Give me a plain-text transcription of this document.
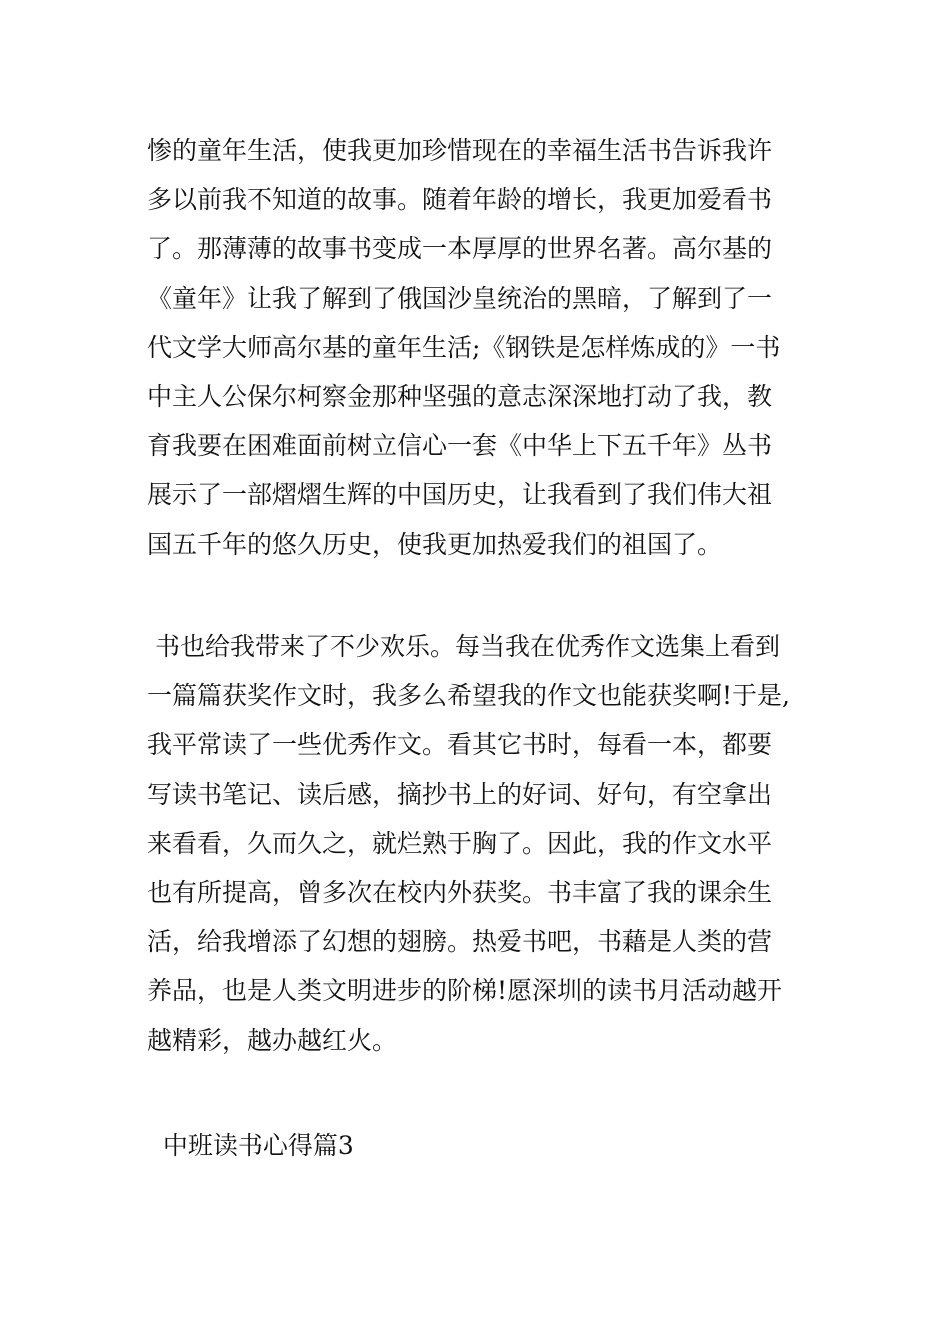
惨的童年生活，使我更加珍惜现在的幸福生活书告诉我许
多以前我不知道的故事。随着年龄的增长，我更加爱看书
了。那薄薄的故事书变成一本厚厚的世界名著。高尔基的
《童年》让我了解到了俄国沙皇统治的黑暗，了解到了一
代文学大师高尔基的童年生活;《钢铁是怎样炼成的》一书
中主人公保尔柯察金那种坚强的意志深深地打动了我，教
育我要在困难面前树立信心一套《中华上下五千年》丛书
展示了一部熠熠生辉的中国历史，让我看到了我们伟大祖
国五千年的悠久历史，使我更加热爱我们的祖国了。
书也给我带来了不少欢乐。每当我在优秀作文选集上看到
一篇篇获奖作文时，我多么希望我的作文也能获奖啊!于是,
我平常读了一些优秀作文。看其它书时，每看一本，都要
写读书笔记、读后感，摘抄书上的好词、好句，有空拿出
来看看，久而久之，就烂熟于胸了。因此，我的作文水平
也有所提高，曾多次在校内外获奖。书丰富了我的课余生
活，给我增添了幻想的翅膀。热爱书吧，书藉是人类的营
养品，也是人类文明进步的阶梯!愿深圳的读书月活动越开
越精彩，越办越红火。
中班读书心得篇3
